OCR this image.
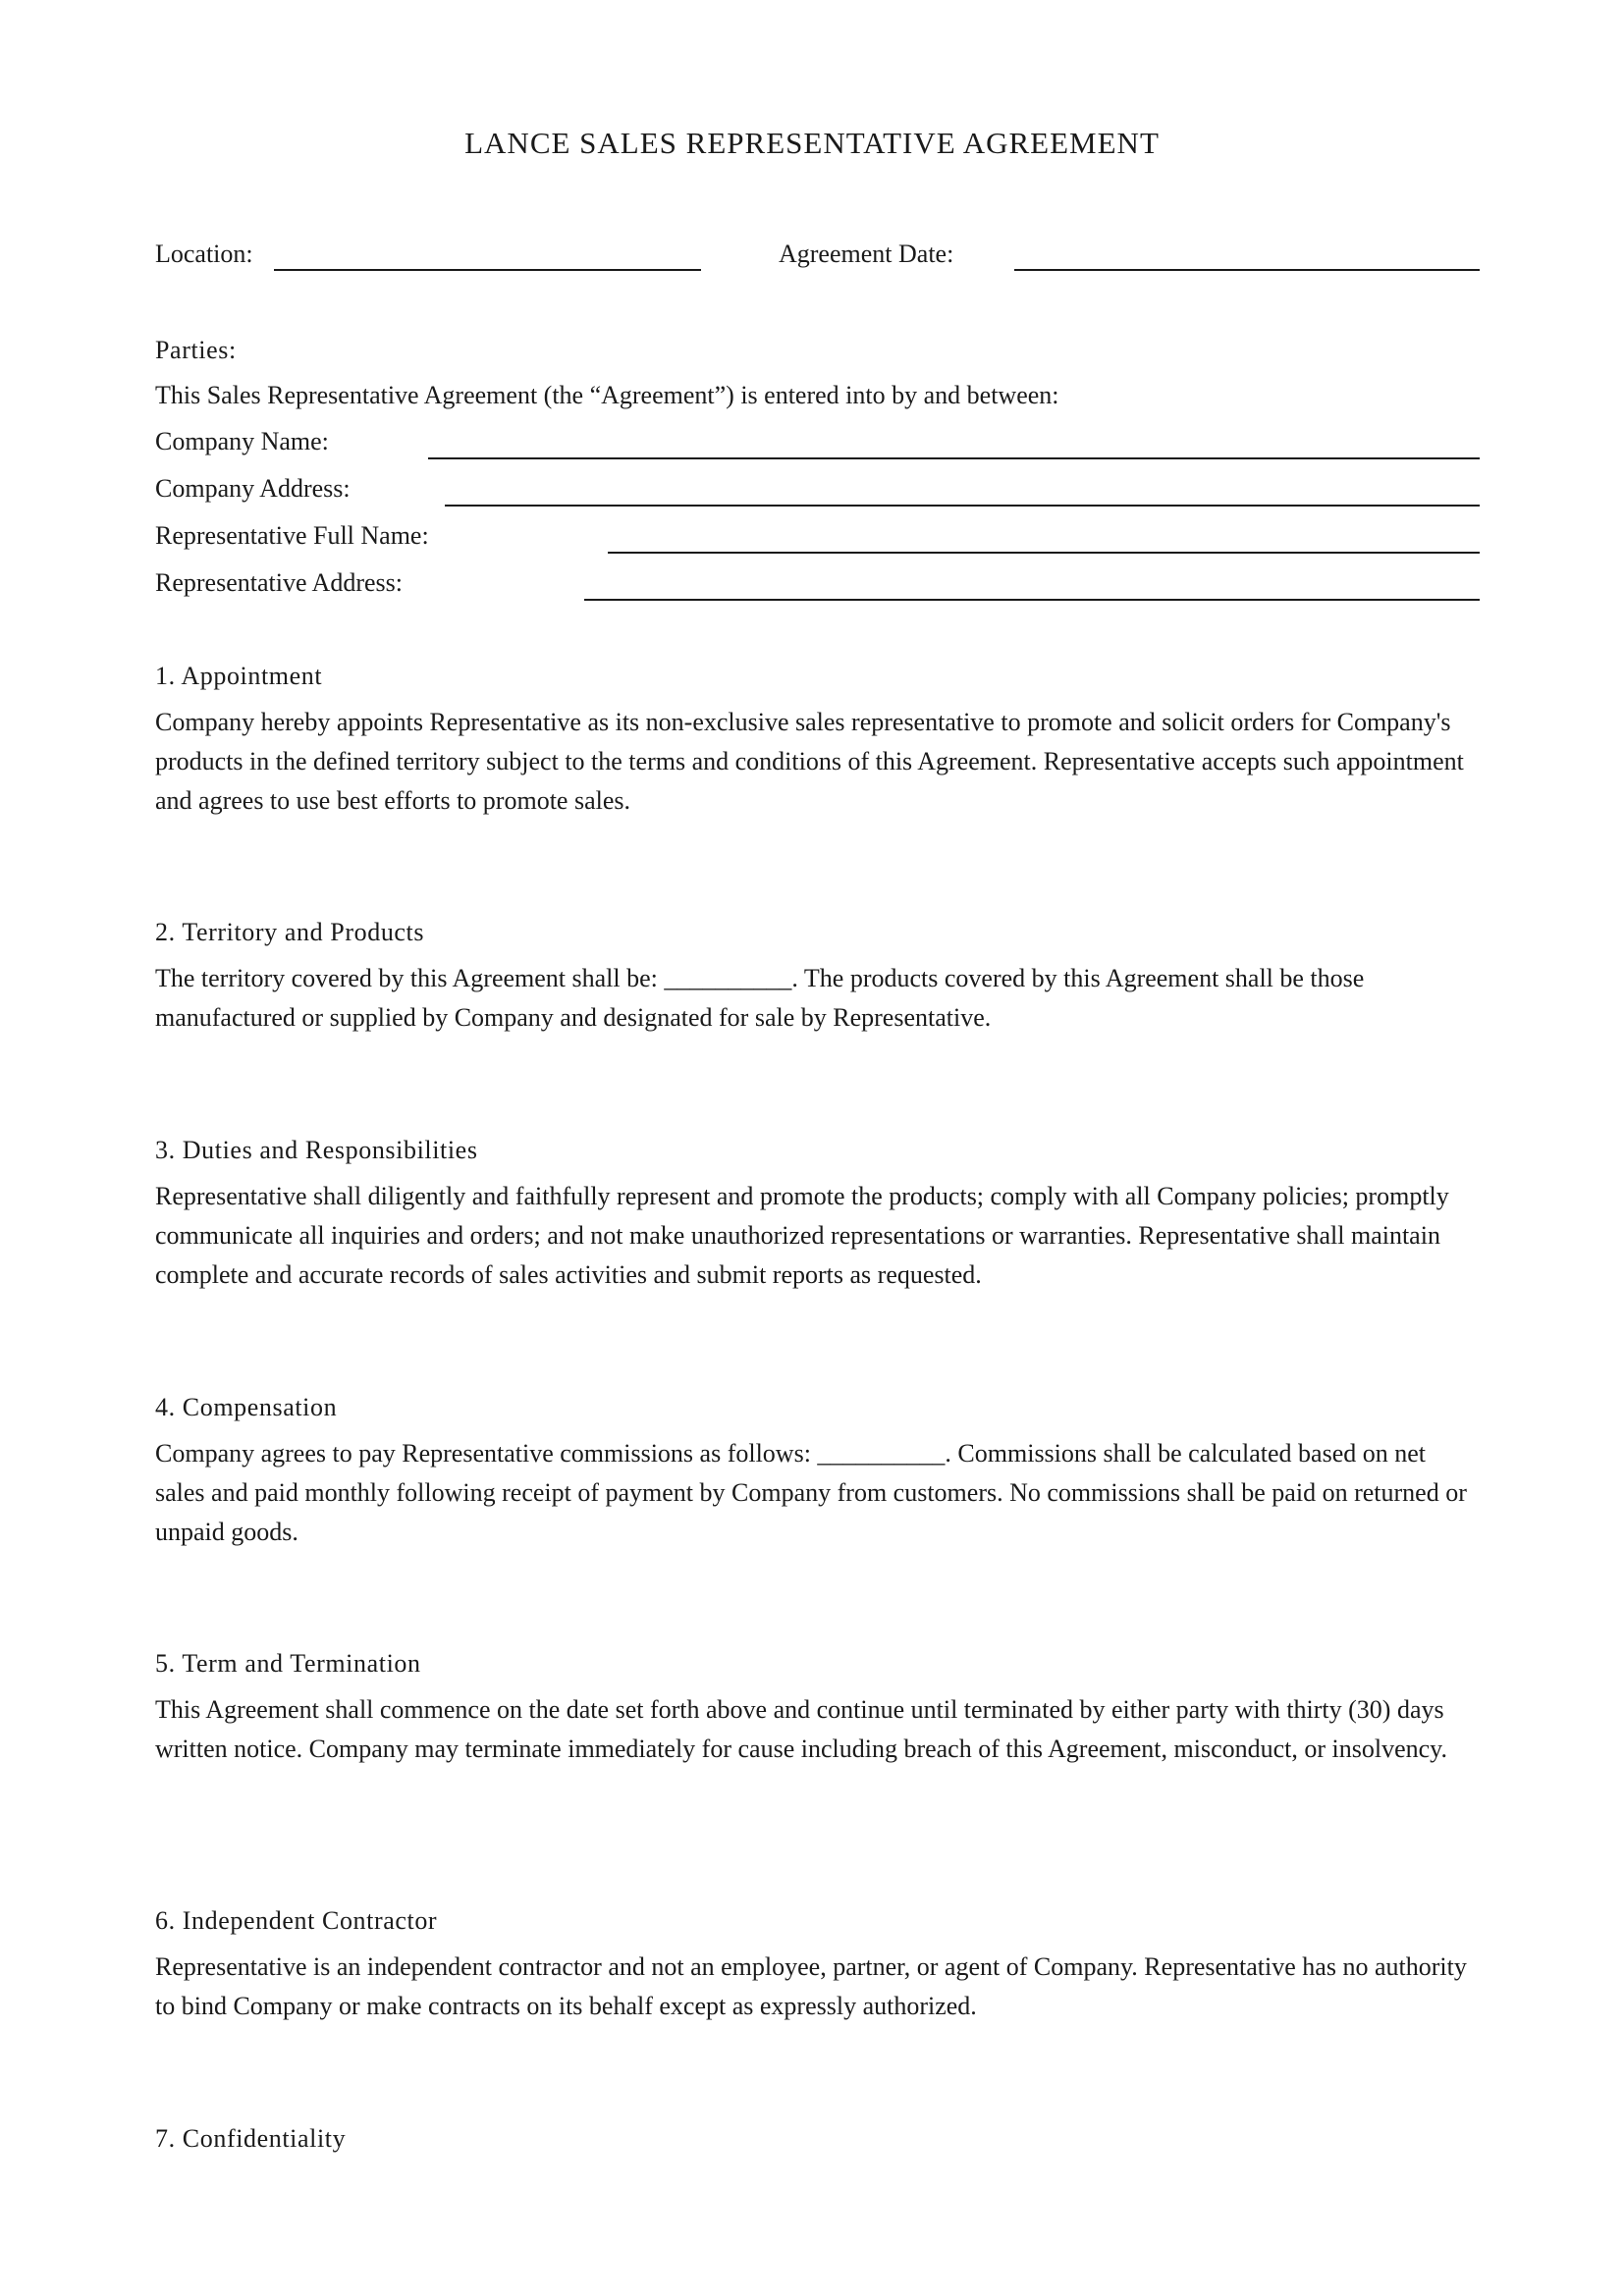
LANCE SALES REPRESENTATIVE AGREEMENT
Location:	Agreement Date:
Parties:
This Sales Representative Agreement (the “Agreement”) is entered into by and between:
Company Name:
Company Address:
Representative Full Name:
Representative Address:
1. Appointment
Company hereby appoints Representative as its non-exclusive sales representative to promote and solicit orders for Company's products in the defined territory subject to the terms and conditions of this Agreement. Representative accepts such appointment and agrees to use best efforts to promote sales.
2. Territory and Products
The territory covered by this Agreement shall be: __________. The products covered by this Agreement shall be those manufactured or supplied by Company and designated for sale by Representative.
3. Duties and Responsibilities
Representative shall diligently and faithfully represent and promote the products; comply with all Company policies; promptly communicate all inquiries and orders; and not make unauthorized representations or warranties. Representative shall maintain complete and accurate records of sales activities and submit reports as requested.
4. Compensation
Company agrees to pay Representative commissions as follows: __________. Commissions shall be calculated based on net sales and paid monthly following receipt of payment by Company from customers. No commissions shall be paid on returned or unpaid goods.
5. Term and Termination
This Agreement shall commence on the date set forth above and continue until terminated by either party with thirty (30) days written notice. Company may terminate immediately for cause including breach of this Agreement, misconduct, or insolvency.
6. Independent Contractor
Representative is an independent contractor and not an employee, partner, or agent of Company. Representative has no authority to bind Company or make contracts on its behalf except as expressly authorized.
7. Confidentiality
